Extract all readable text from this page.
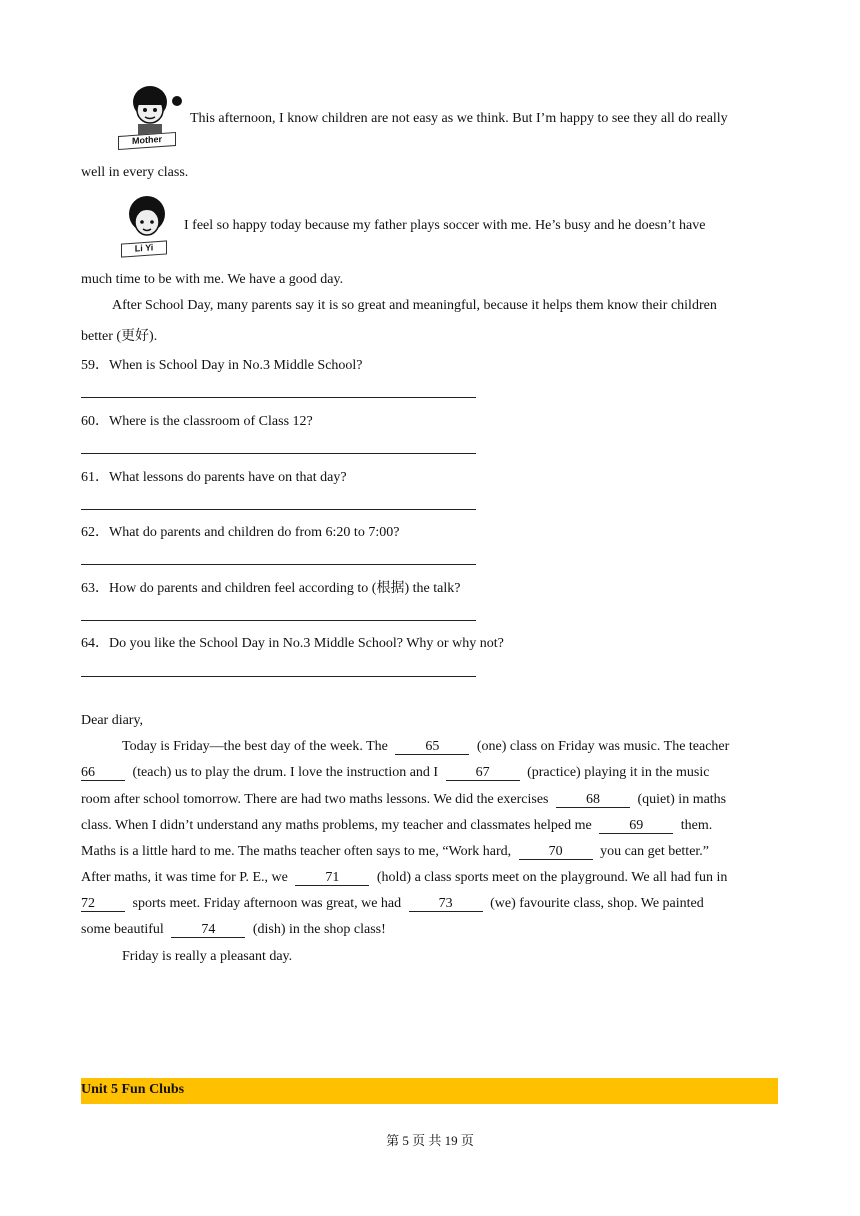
Mother
This afternoon, I know children are not easy as we think. But I’m happy to see they all do really
well in every class.
Li Yi
I feel so happy today because my father plays soccer with me. He’s busy and he doesn’t have
much time to be with me. We have a good day.
After School Day, many parents say it is so great and meaningful, because it helps them know their children
better (更好).
59．When is School Day in No.3 Middle School?
60．Where is the classroom of Class 12?
61．What lessons do parents have on that day?
62．What do parents and children do from 6:20 to 7:00?
63．How do parents and children feel according to (根据) the talk?
64．Do you like the School Day in No.3 Middle School? Why or why not?
Dear diary,
Today is Friday—the best day of the week. The	65	(one) class on Friday was music. The teacher
66	(teach) us to play the drum. I love the instruction and I	67	(practice) playing it in the music
room after school tomorrow. There are had two maths lessons. We did the exercises	68	(quiet) in maths
class. When I didn’t understand any maths problems, my teacher and classmates helped me	69	them.
Maths is a little hard to me. The maths teacher often says to me, “Work hard,	70	you can get better.”
After maths, it was time for P. E., we	71	(hold) a class sports meet on the playground. We all had fun in
72	sports meet. Friday afternoon was great, we had	73	(we) favourite class, shop. We painted
some beautiful	74	(dish) in the shop class!
Friday is really a pleasant day.
Unit 5 Fun Clubs
第 5 页 共 19 页
